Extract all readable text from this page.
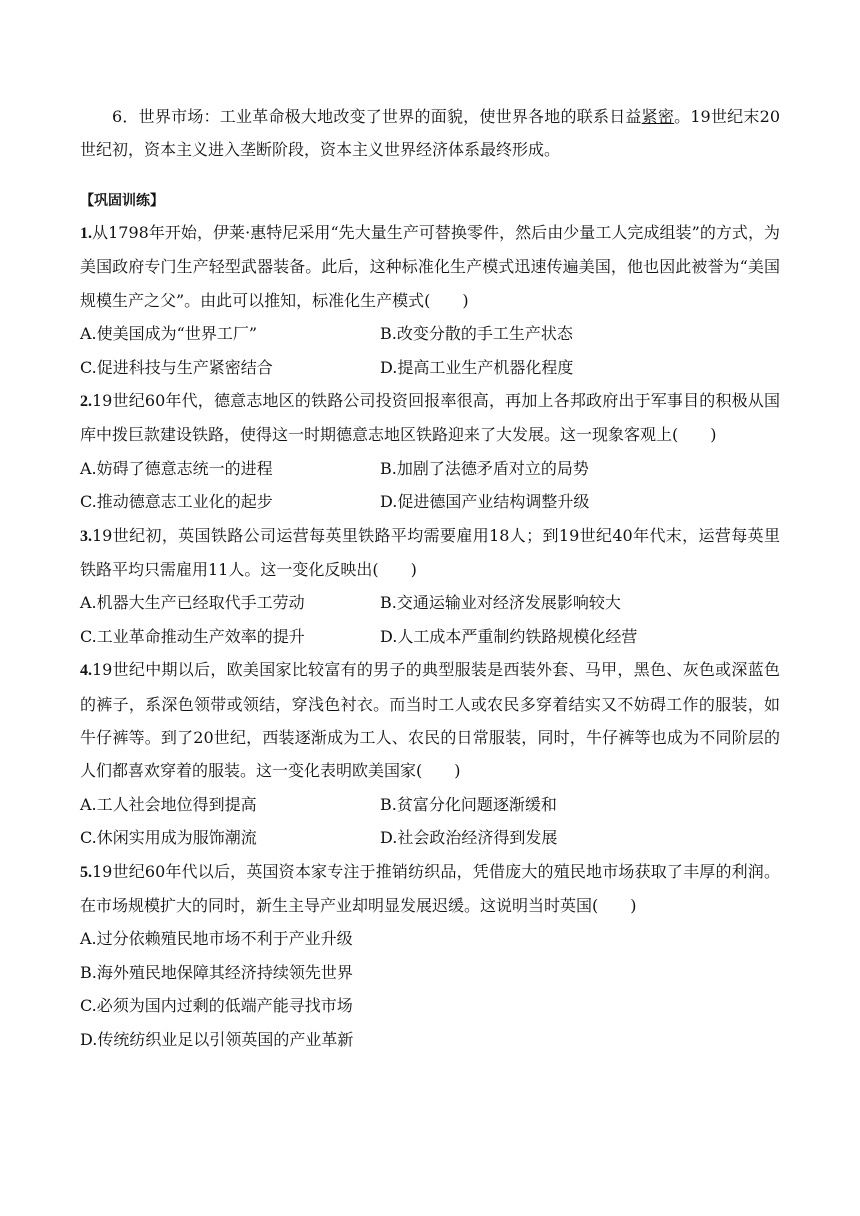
6．世界市场：工业革命极大地改变了世界的面貌，使世界各地的联系日益紧密。19世纪末20世纪初，资本主义进入垄断阶段，资本主义世界经济体系最终形成。
【巩固训练】
1.从1798年开始，伊莱·惠特尼采用“先大量生产可替换零件，然后由少量工人完成组装”的方式，为美国政府专门生产轻型武器装备。此后，这种标准化生产模式迅速传遍美国，他也因此被誉为“美国规模生产之父”。由此可以推知，标准化生产模式(　　)
A.使美国成为“世界工厂”	B.改变分散的手工生产状态
C.促进科技与生产紧密结合	D.提高工业生产机器化程度
2.19世纪60年代，德意志地区的铁路公司投资回报率很高，再加上各邦政府出于军事目的积极从国库中拨巨款建设铁路，使得这一时期德意志地区铁路迎来了大发展。这一现象客观上(　　)
A.妨碍了德意志统一的进程	B.加剧了法德矛盾对立的局势
C.推动德意志工业化的起步	D.促进德国产业结构调整升级
3.19世纪初，英国铁路公司运营每英里铁路平均需要雇用18人；到19世纪40年代末，运营每英里铁路平均只需雇用11人。这一变化反映出(　　)
A.机器大生产已经取代手工劳动	B.交通运输业对经济发展影响较大
C.工业革命推动生产效率的提升	D.人工成本严重制约铁路规模化经营
4.19世纪中期以后，欧美国家比较富有的男子的典型服装是西装外套、马甲，黑色、灰色或深蓝色的裤子，系深色领带或领结，穿浅色衬衣。而当时工人或农民多穿着结实又不妨碍工作的服装，如牛仔裤等。到了20世纪，西装逐渐成为工人、农民的日常服装，同时，牛仔裤等也成为不同阶层的人们都喜欢穿着的服装。这一变化表明欧美国家(　　)
A.工人社会地位得到提高	B.贫富分化问题逐渐缓和
C.休闲实用成为服饰潮流	D.社会政治经济得到发展
5.19世纪60年代以后，英国资本家专注于推销纺织品，凭借庞大的殖民地市场获取了丰厚的利润。在市场规模扩大的同时，新生主导产业却明显发展迟缓。这说明当时英国(　　)
A.过分依赖殖民地市场不利于产业升级
B.海外殖民地保障其经济持续领先世界
C.必须为国内过剩的低端产能寻找市场
D.传统纺织业足以引领英国的产业革新
